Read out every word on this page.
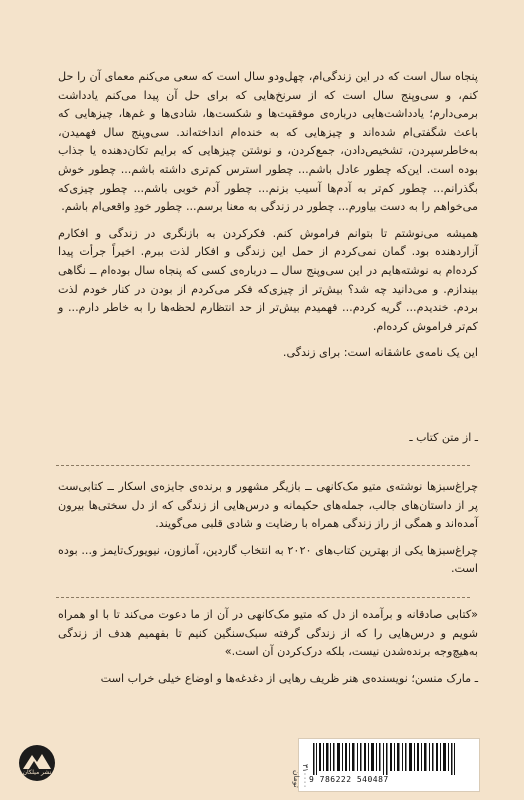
پنجاه سال است که در این زندگی‌ام، چهل‌ودو سال است که سعی می‌کنم معمای آن را حل کنم، و سی‌وپنج سال است که از سرنخ‌هایی که برای حل آن پیدا می‌کنم یادداشت برمی‌دارم؛ یادداشت‌هایی درباره‌ی موفقیت‌ها و شکست‌ها، شادی‌ها و غم‌ها، چیزهایی که باعث شگفتی‌ام شده‌اند و چیزهایی که به خنده‌ام انداخته‌اند. سی‌وپنج سال فهمیدن، به‌خاطرسپردن، تشخیص‌دادن، جمع‌کردن، و نوشتن چیزهایی که برایم تکان‌دهنده یا جذاب بوده است. این‌که چطور عادل باشم... چطور استرس کم‌تری داشته باشم... چطور خوش بگذرانم... چطور کم‌تر به آدم‌ها آسیب بزنم... چطور آدم خوبی باشم... چطور چیزی‌که می‌خواهم را به دست بیاورم... چطور در زندگی به معنا برسم... چطور خودِ واقعی‌ام باشم.

همیشه می‌نوشتم تا بتوانم فراموش کنم. فکرکردن به بازنگری در زندگی و افکارم آزاردهنده بود. گمان نمی‌کردم از حمل این زندگی و افکار لذت ببرم. اخیراً جرأت پیدا کرده‌ام به نوشته‌هایم در این سی‌وپنج سال ــ درباره‌ی کسی که پنجاه سال بوده‌ام ــ نگاهی بیندازم. و می‌دانید چه شد؟ بیش‌تر از چیزی‌که فکر می‌کردم از بودن در کنار خودم لذت بردم. خندیدم... گریه کردم... فهمیدم بیش‌تر از حد انتظارم لحظه‌ها را به خاطر دارم... و کم‌تر فراموش کرده‌ام.

این یک نامه‌ی عاشقانه است: برای زندگی.

ـ از متن کتاب ـ

چراغ‌سبزها نوشته‌ی متیو مک‌کانهی ــ بازیگر مشهور و برنده‌ی جایزه‌ی اسکار ــ کتابی‌ست پر از داستان‌های جالب، جمله‌های حکیمانه و درس‌هایی از زندگی که از دل سختی‌ها بیرون آمده‌اند و همگی از راز زندگی همراه با رضایت و شادی قلبی می‌گویند.

چراغ‌سبزها یکی از بهترین کتاب‌های ۲۰۲۰ به انتخاب گاردین، آمازون، نیویورک‌تایمز و... بوده است.

«کتابی صادقانه و برآمده از دل که متیو مک‌کانهی در آن از ما دعوت می‌کند تا با او همراه شویم و درس‌هایی را که از زندگی گرفته سبک‌سنگین کنیم تا بفهمیم هدف از زندگی به‌هیچ‌وجه برنده‌شدن نیست، بلکه درک‌کردن آن است.»

ـ مارک منسن؛ نویسنده‌ی هنر ظریف رهایی از دغدغه‌ها و اوضاع خیلی خراب است

نشر میلکان
9 786222 540487
۳۱۰۰۰۰ تومان
